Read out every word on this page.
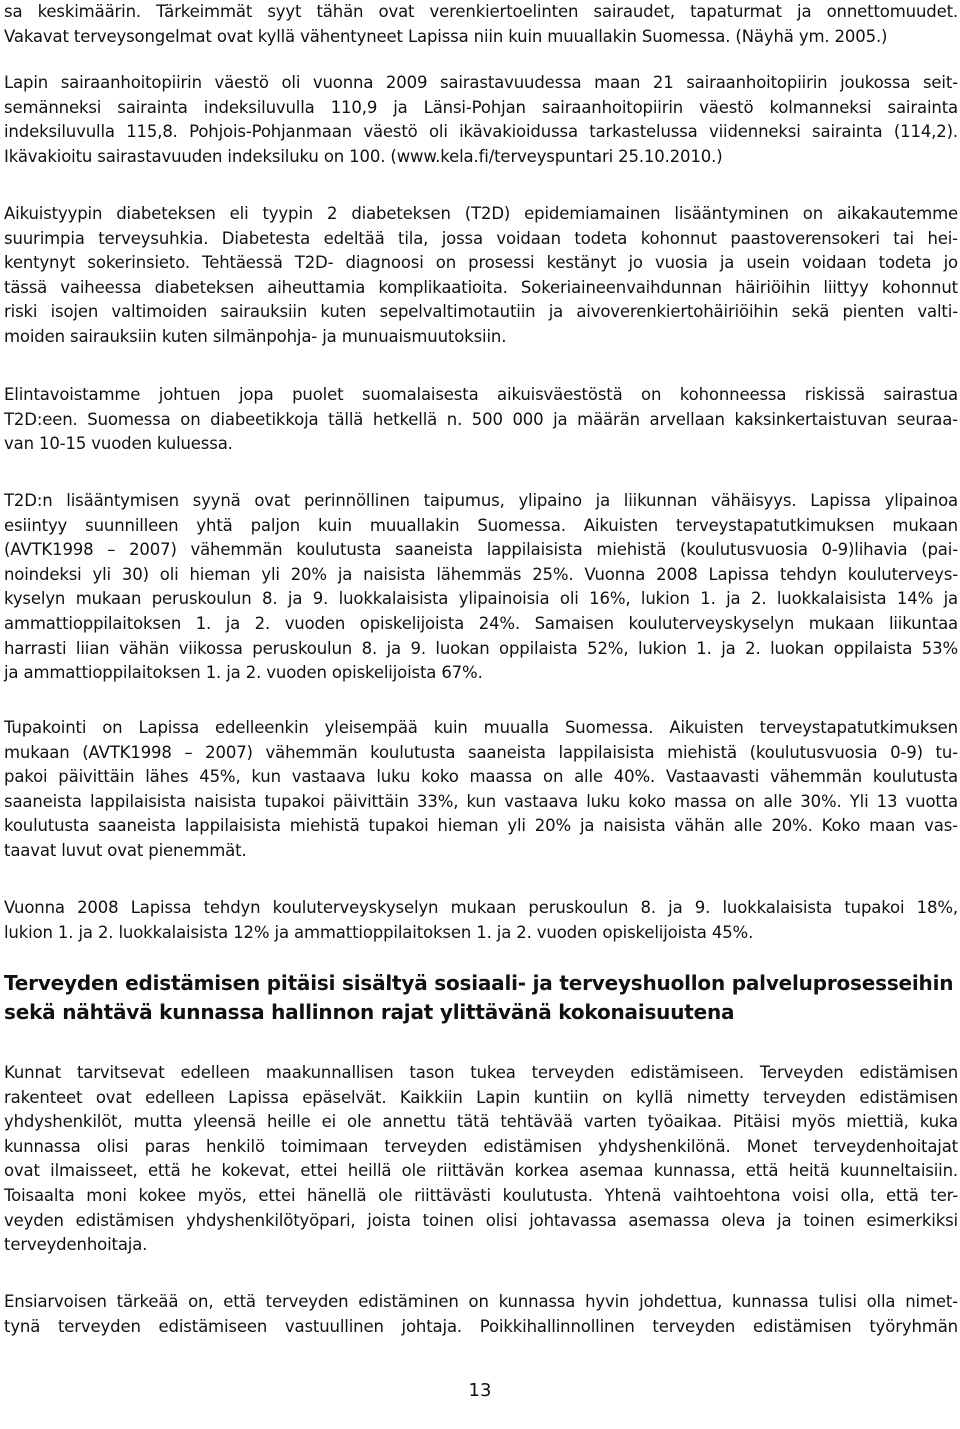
sa keskimäärin. Tärkeimmät syyt tähän ovat verenkiertoelinten sairaudet, tapaturmat ja onnettomuudet.
Vakavat terveysongelmat ovat kyllä vähentyneet Lapissa niin kuin muuallakin Suomessa. (Näyhä ym. 2005.)
Lapin sairaanhoitopiirin väestö oli vuonna 2009 sairastavuudessa maan 21 sairaanhoitopiirin joukossa seit-
semänneksi sairainta indeksiluvulla 110,9 ja Länsi-Pohjan sairaanhoitopiirin väestö kolmanneksi sairainta
indeksiluvulla 115,8. Pohjois-Pohjanmaan väestö oli ikävakioidussa tarkastelussa viidenneksi sairainta (114,2).
Ikävakioitu sairastavuuden indeksiluku on 100. (www.kela.fi/terveyspuntari 25.10.2010.)
Aikuistyypin diabeteksen eli tyypin 2 diabeteksen (T2D) epidemiamainen lisääntyminen on aikakautemme
suurimpia terveysuhkia. Diabetesta edeltää tila, jossa voidaan todeta kohonnut paastoverensokeri tai hei-
kentynyt sokerinsieto. Tehtäessä T2D- diagnoosi on prosessi kestänyt jo vuosia ja usein voidaan todeta jo
tässä vaiheessa diabeteksen aiheuttamia komplikaatioita. Sokeriaineenvaihdunnan häiriöihin liittyy kohonnut
riski isojen valtimoiden sairauksiin kuten sepelvaltimotautiin ja aivoverenkiertohäiriöihin sekä pienten valti-
moiden sairauksiin kuten silmänpohja- ja munuaismuutoksiin.
Elintavoistamme johtuen jopa puolet suomalaisesta aikuisväestöstä on kohonneessa riskissä sairastua
T2D:een. Suomessa on diabeetikkoja tällä hetkellä n. 500 000 ja määrän arvellaan kaksinkertaistuvan seuraa-
van 10-15 vuoden kuluessa.
T2D:n lisääntymisen syynä ovat perinnöllinen taipumus, ylipaino ja liikunnan vähäisyys. Lapissa ylipainoa
esiintyy suunnilleen yhtä paljon kuin muuallakin Suomessa. Aikuisten terveystapatutkimuksen mukaan
(AVTK1998 – 2007) vähemmän koulutusta saaneista lappilaisista miehistä (koulutusvuosia 0-9)lihavia (pai-
noindeksi yli 30) oli hieman yli 20% ja naisista lähemmäs 25%. Vuonna 2008 Lapissa tehdyn kouluterveys-
kyselyn mukaan peruskoulun 8. ja 9. luokkalaisista ylipainoisia oli 16%, lukion 1. ja 2. luokkalaisista 14% ja
ammattioppilaitoksen 1. ja 2. vuoden opiskelijoista 24%. Samaisen kouluterveyskyselyn mukaan liikuntaa
harrasti liian vähän viikossa peruskoulun 8. ja 9. luokan oppilaista 52%, lukion 1. ja 2. luokan oppilaista 53%
ja ammattioppilaitoksen 1. ja 2. vuoden opiskelijoista 67%.
Tupakointi on Lapissa edelleenkin yleisempää kuin muualla Suomessa. Aikuisten terveystapatutkimuksen
mukaan (AVTK1998 – 2007) vähemmän koulutusta saaneista lappilaisista miehistä (koulutusvuosia 0-9) tu-
pakoi päivittäin lähes 45%, kun vastaava luku koko maassa on alle 40%. Vastaavasti vähemmän koulutusta
saaneista lappilaisista naisista tupakoi päivittäin 33%, kun vastaava luku koko massa on alle 30%. Yli 13 vuotta
koulutusta saaneista lappilaisista miehistä tupakoi hieman yli 20% ja naisista vähän alle 20%. Koko maan vas-
taavat luvut ovat pienemmät.
Vuonna 2008 Lapissa tehdyn kouluterveyskyselyn mukaan peruskoulun 8. ja 9. luokkalaisista tupakoi 18%,
lukion 1. ja 2. luokkalaisista 12% ja ammattioppilaitoksen 1. ja 2. vuoden opiskelijoista 45%.
Terveyden edistämisen pitäisi sisältyä sosiaali- ja terveyshuollon palveluprosesseihin
sekä nähtävä kunnassa hallinnon rajat ylittävänä kokonaisuutena
Kunnat tarvitsevat edelleen maakunnallisen tason tukea terveyden edistämiseen. Terveyden edistämisen
rakenteet ovat edelleen Lapissa epäselvät. Kaikkiin Lapin kuntiin on kyllä nimetty terveyden edistämisen
yhdyshenkilöt, mutta yleensä heille ei ole annettu tätä tehtävää varten työaikaa. Pitäisi myös miettiä, kuka
kunnassa olisi paras henkilö toimimaan terveyden edistämisen yhdyshenkilönä. Monet terveydenhoitajat
ovat ilmaisseet, että he kokevat, ettei heillä ole riittävän korkea asemaa kunnassa, että heitä kuunneltaisiin.
Toisaalta moni kokee myös, ettei hänellä ole riittävästi koulutusta. Yhtenä vaihtoehtona voisi olla, että ter-
veyden edistämisen yhdyshenkilötyöpari, joista toinen olisi johtavassa asemassa oleva ja toinen esimerkiksi
terveydenhoitaja.
Ensiarvoisen tärkeää on, että terveyden edistäminen on kunnassa hyvin johdettua, kunnassa tulisi olla nimet-
tynä terveyden edistämiseen vastuullinen johtaja. Poikkihallinnollinen terveyden edistämisen työryhmän
13
